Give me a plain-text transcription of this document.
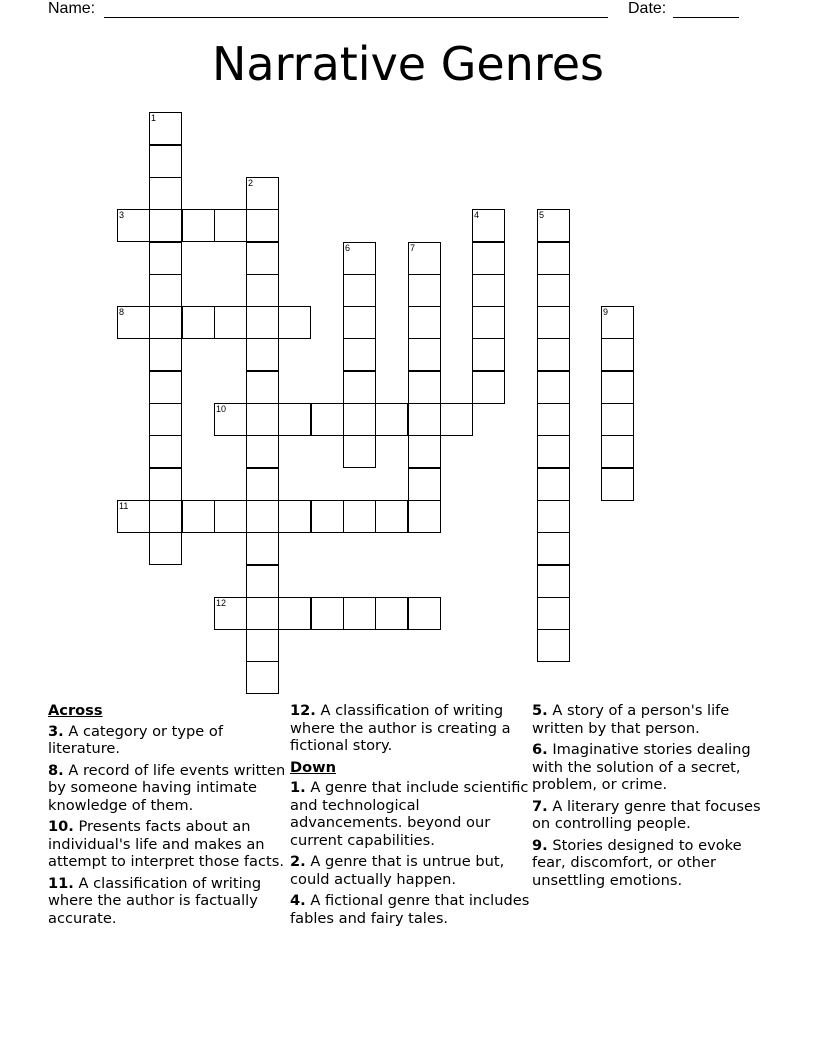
Name:	Date:
Narrative Genres
1
2
3	4	5
6	7
8	9
10
11
12
Across
3. A category or type of literature.
8. A record of life events written by someone having intimate knowledge of them.
10. Presents facts about an individual's life and makes an attempt to interpret those facts.
11. A classification of writing where the author is factually accurate.
12. A classification of writing where the author is creating a fictional story.
Down
1. A genre that include scientific and technological advancements. beyond our current capabilities.
2. A genre that is untrue but, could actually happen.
4. A fictional genre that includes fables and fairy tales.
5. A story of a person's life written by that person.
6. Imaginative stories dealing with the solution of a secret, problem, or crime.
7. A literary genre that focuses on controlling people.
9. Stories designed to evoke fear, discomfort, or other unsettling emotions.
